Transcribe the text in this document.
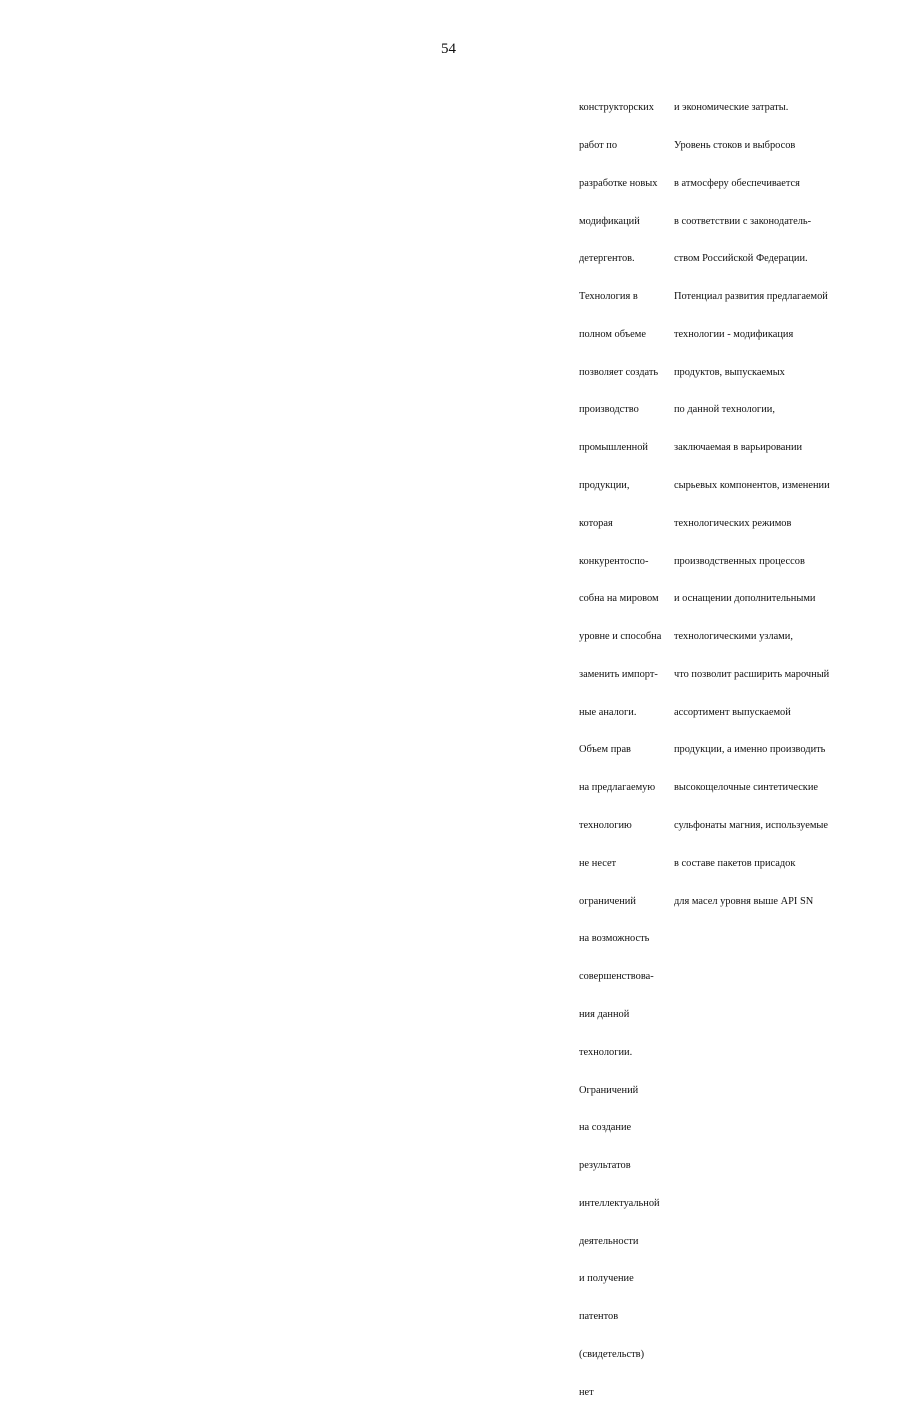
54

конструкторских

работ по

разработке новых

модификаций

детергентов.

Технология в

полном объеме

позволяет создать

производство

промышленной

продукции,

которая

конкурентоспо-

собна на мировом

уровне и способна

заменить импорт-

ные аналоги.

Объем прав

на предлагаемую

технологию

не несет

ограничений

на возможность

совершенствова-

ния данной

технологии.

Ограничений

на создание

результатов

интеллектуальной

деятельности

и получение

патентов

(свидетельств)

нет

и экономические затраты.

Уровень стоков и выбросов

в атмосферу обеспечивается

в соответствии с законодатель-

ством Российской Федерации.

Потенциал развития предлагаемой

технологии - модификация

продуктов, выпускаемых

по данной технологии,

заключаемая в варьировании

сырьевых компонентов, изменении

технологических режимов

производственных процессов

и оснащении дополнительными

технологическими узлами,

что позволит расширить марочный

ассортимент выпускаемой

продукции, а именно производить

высокощелочные синтетические

сульфонаты магния, используемые

в составе пакетов присадок

для масел уровня выше API SN
